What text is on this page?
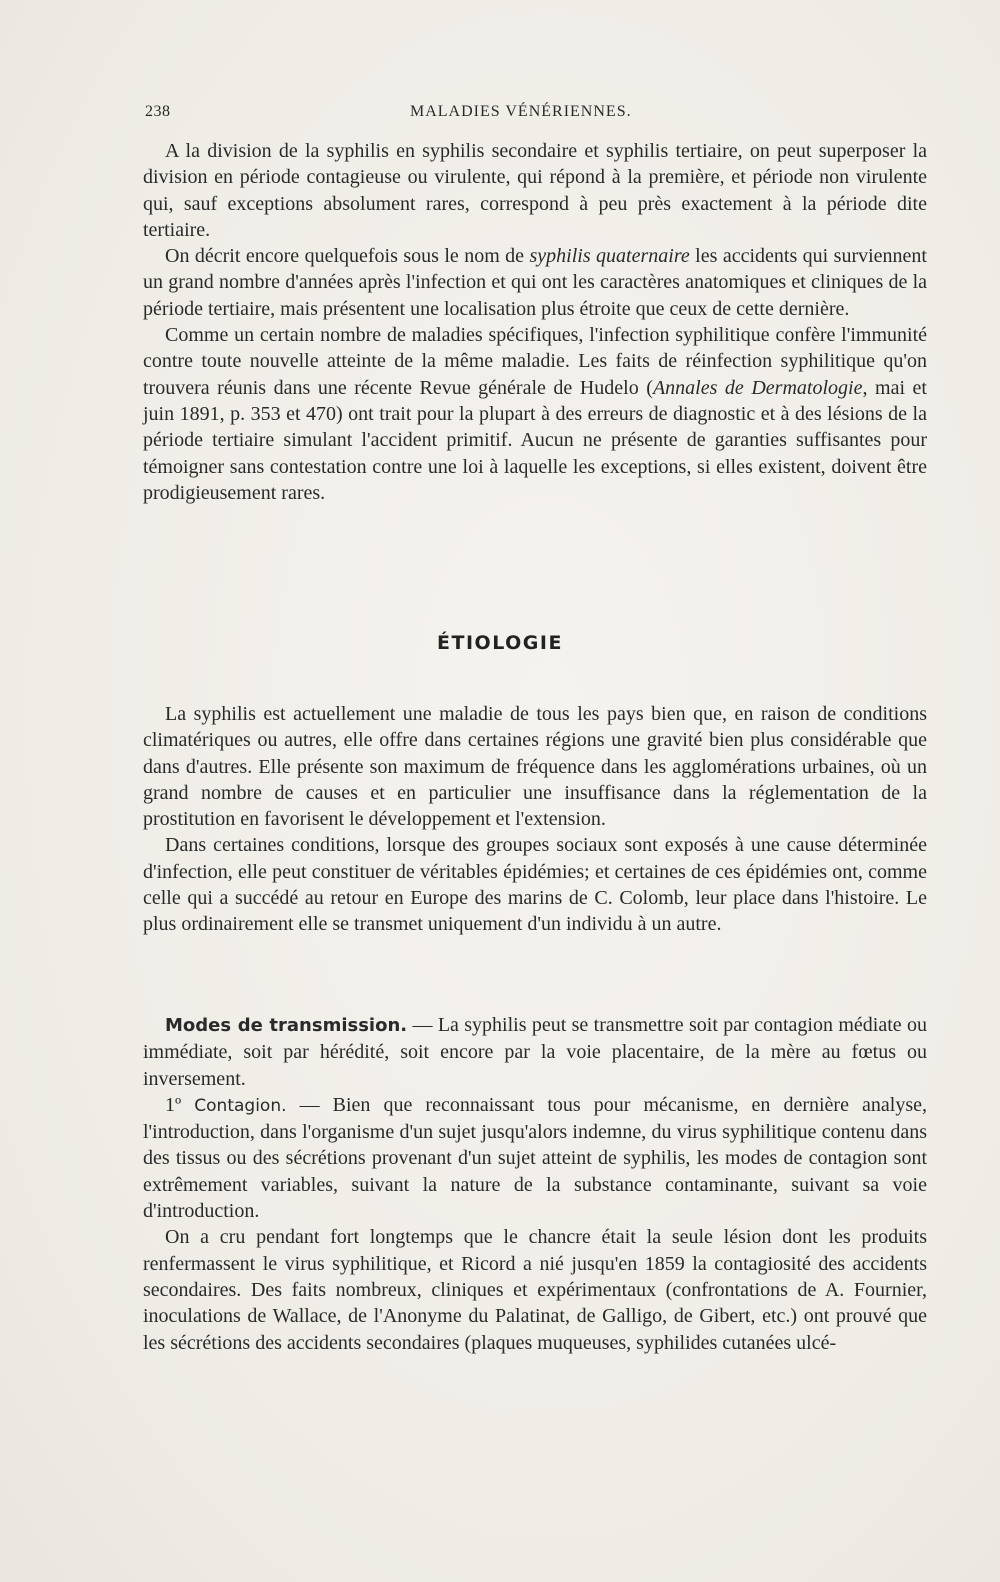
238	MALADIES VÉNÉRIENNES.

A la division de la syphilis en syphilis secondaire et syphilis tertiaire, on peut superposer la division en période contagieuse ou virulente, qui répond à la première, et période non virulente qui, sauf exceptions absolument rares, correspond à peu près exactement à la période dite tertiaire.

On décrit encore quelquefois sous le nom de syphilis quaternaire les accidents qui surviennent un grand nombre d'années après l'infection et qui ont les caractères anatomiques et cliniques de la période tertiaire, mais présentent une localisation plus étroite que ceux de cette dernière.

Comme un certain nombre de maladies spécifiques, l'infection syphilitique confère l'immunité contre toute nouvelle atteinte de la même maladie. Les faits de réinfection syphilitique qu'on trouvera réunis dans une récente Revue générale de Hudelo (Annales de Dermatologie, mai et juin 1891, p. 353 et 470) ont trait pour la plupart à des erreurs de diagnostic et à des lésions de la période tertiaire simulant l'accident primitif. Aucun ne présente de garanties suffisantes pour témoigner sans contestation contre une loi à laquelle les exceptions, si elles existent, doivent être prodigieusement rares.

ÉTIOLOGIE

La syphilis est actuellement une maladie de tous les pays bien que, en raison de conditions climatériques ou autres, elle offre dans certaines régions une gravité bien plus considérable que dans d'autres. Elle présente son maximum de fréquence dans les agglomérations urbaines, où un grand nombre de causes et en particulier une insuffisance dans la réglementation de la prostitution en favorisent le développement et l'extension.

Dans certaines conditions, lorsque des groupes sociaux sont exposés à une cause déterminée d'infection, elle peut constituer de véritables épidémies; et certaines de ces épidémies ont, comme celle qui a succédé au retour en Europe des marins de C. Colomb, leur place dans l'histoire. Le plus ordinairement elle se transmet uniquement d'un individu à un autre.

Modes de transmission. — La syphilis peut se transmettre soit par contagion médiate ou immédiate, soit par hérédité, soit encore par la voie placentaire, de la mère au fœtus ou inversement.

1º Contagion. — Bien que reconnaissant tous pour mécanisme, en dernière analyse, l'introduction, dans l'organisme d'un sujet jusqu'alors indemne, du virus syphilitique contenu dans des tissus ou des sécrétions provenant d'un sujet atteint de syphilis, les modes de contagion sont extrêmement variables, suivant la nature de la substance contaminante, suivant sa voie d'introduction.

On a cru pendant fort longtemps que le chancre était la seule lésion dont les produits renfermassent le virus syphilitique, et Ricord a nié jusqu'en 1859 la contagiosité des accidents secondaires. Des faits nombreux, cliniques et expérimentaux (confrontations de A. Fournier, inoculations de Wallace, de l'Anonyme du Palatinat, de Galligo, de Gibert, etc.) ont prouvé que les sécrétions des accidents secondaires (plaques muqueuses, syphilides cutanées ulcé-
